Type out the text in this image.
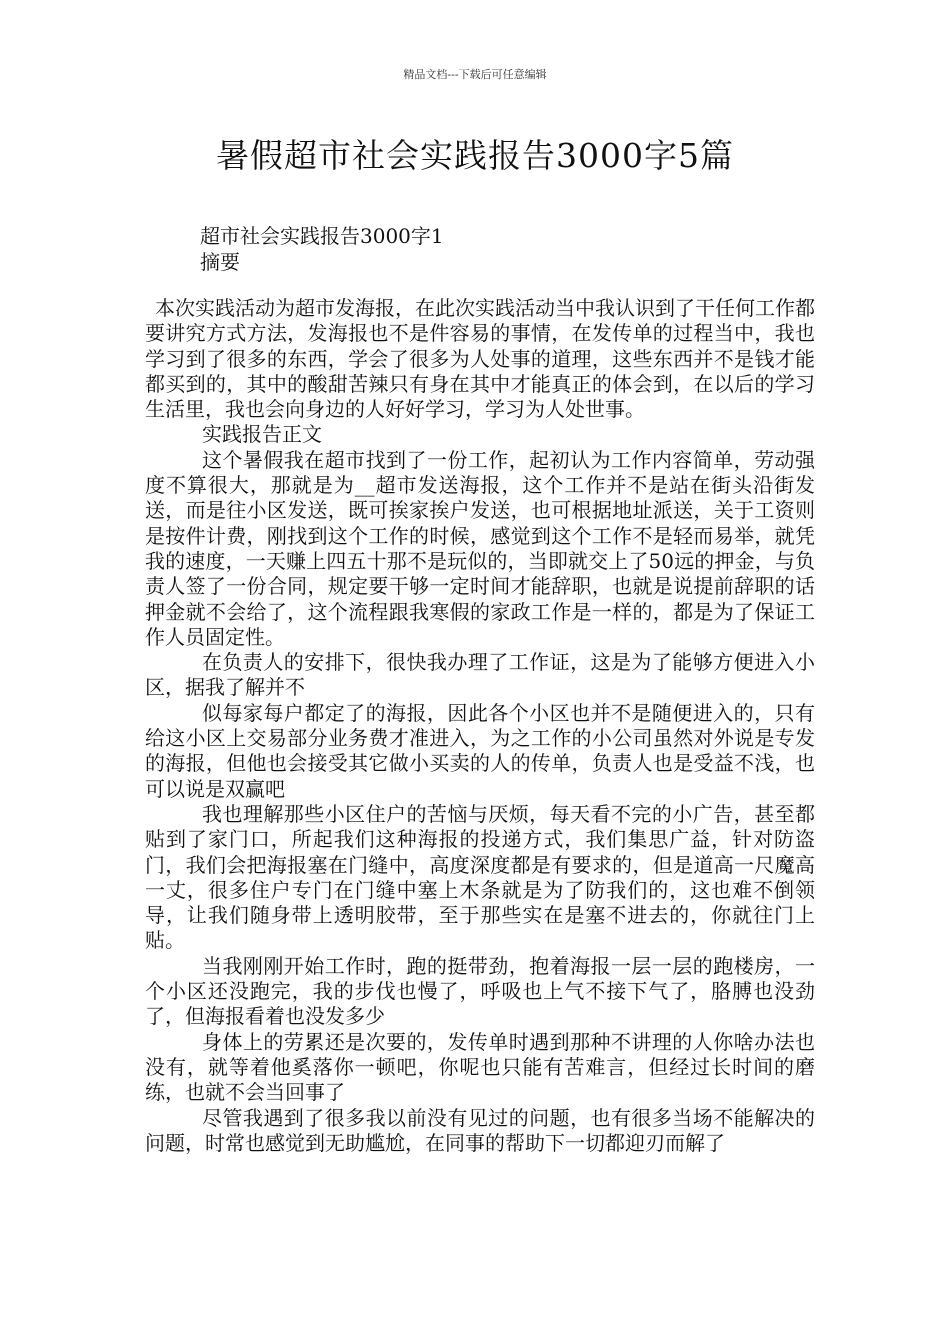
精品文档---下载后可任意编辑
暑假超市社会实践报告3000字5篇
超市社会实践报告3000字1
摘要

本次实践活动为超市发海报，在此次实践活动当中我认识到了干任何工作都要讲究方式方法，发海报也不是件容易的事情，在发传单的过程当中，我也学习到了很多的东西，学会了很多为人处事的道理，这些东西并不是钱才能都买到的，其中的酸甜苦辣只有身在其中才能真正的体会到，在以后的学习生活里，我也会向身边的人好好学习，学习为人处世事。

实践报告正文

这个暑假我在超市找到了一份工作，起初认为工作内容简单，劳动强度不算很大，那就是为__超市发送海报，这个工作并不是站在街头沿街发送，而是往小区发送，既可挨家挨户发送，也可根据地址派送，关于工资则是按件计费，刚找到这个工作的时候，感觉到这个工作不是轻而易举，就凭我的速度，一天赚上四五十那不是玩似的，当即就交上了50远的押金，与负责人签了一份合同，规定要干够一定时间才能辞职，也就是说提前辞职的话押金就不会给了，这个流程跟我寒假的家政工作是一样的，都是为了保证工作人员固定性。

在负责人的安排下，很快我办理了工作证，这是为了能够方便进入小区，据我了解并不

似每家每户都定了的海报，因此各个小区也并不是随便进入的，只有给这小区上交易部分业务费才准进入，为之工作的小公司虽然对外说是专发的海报，但他也会接受其它做小买卖的人的传单，负责人也是受益不浅，也可以说是双赢吧

我也理解那些小区住户的苦恼与厌烦，每天看不完的小广告，甚至都贴到了家门口，所起我们这种海报的投递方式，我们集思广益，针对防盗门，我们会把海报塞在门缝中，高度深度都是有要求的，但是道高一尺魔高一丈，很多住户专门在门缝中塞上木条就是为了防我们的，这也难不倒领导，让我们随身带上透明胶带，至于那些实在是塞不进去的，你就往门上贴。

当我刚刚开始工作时，跑的挺带劲，抱着海报一层一层的跑楼房，一个小区还没跑完，我的步伐也慢了，呼吸也上气不接下气了，胳膊也没劲了，但海报看着也没发多少

身体上的劳累还是次要的，发传单时遇到那种不讲理的人你啥办法也没有，就等着他奚落你一顿吧，你呢也只能有苦难言，但经过长时间的磨练，也就不会当回事了

尽管我遇到了很多我以前没有见过的问题，也有很多当场不能解决的问题，时常也感觉到无助尴尬，在同事的帮助下一切都迎刃而解了
